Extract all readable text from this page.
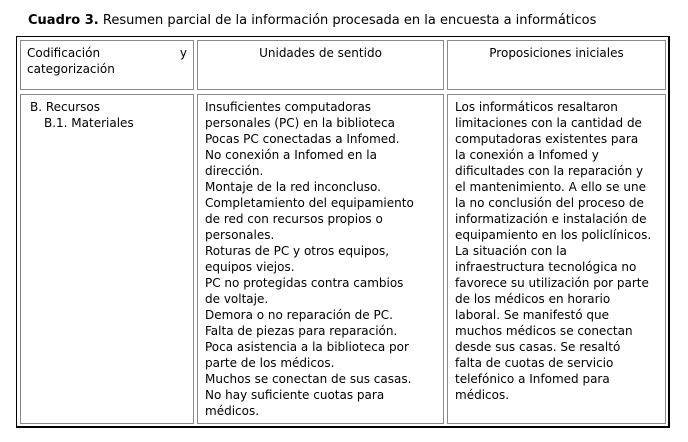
Cuadro 3. Resumen parcial de la información procesada en la encuesta a informáticos
Codificación	y
categorización
Unidades de sentido	Proposiciones iniciales
B. Recursos
B.1. Materiales
Insuficientes computadoras
personales (PC) en la biblioteca
Pocas PC conectadas a Infomed.
No conexión a Infomed en la
dirección.
Montaje de la red inconcluso.
Completamiento del equipamiento
de red con recursos propios o
personales.
Roturas de PC y otros equipos,
equipos viejos.
PC no protegidas contra cambios
de voltaje.
Demora o no reparación de PC.
Falta de piezas para reparación.
Poca asistencia a la biblioteca por
parte de los médicos.
Muchos se conectan de sus casas.
No hay suficiente cuotas para
médicos.
Los informáticos resaltaron
limitaciones con la cantidad de
computadoras existentes para
la conexión a Infomed y
dificultades con la reparación y
el mantenimiento. A ello se une
la no conclusión del proceso de
informatización e instalación de
equipamiento en los policlínicos.
La situación con la
infraestructura tecnológica no
favorece su utilización por parte
de los médicos en horario
laboral. Se manifestó que
muchos médicos se conectan
desde sus casas. Se resaltó
falta de cuotas de servicio
telefónico a Infomed para
médicos.
